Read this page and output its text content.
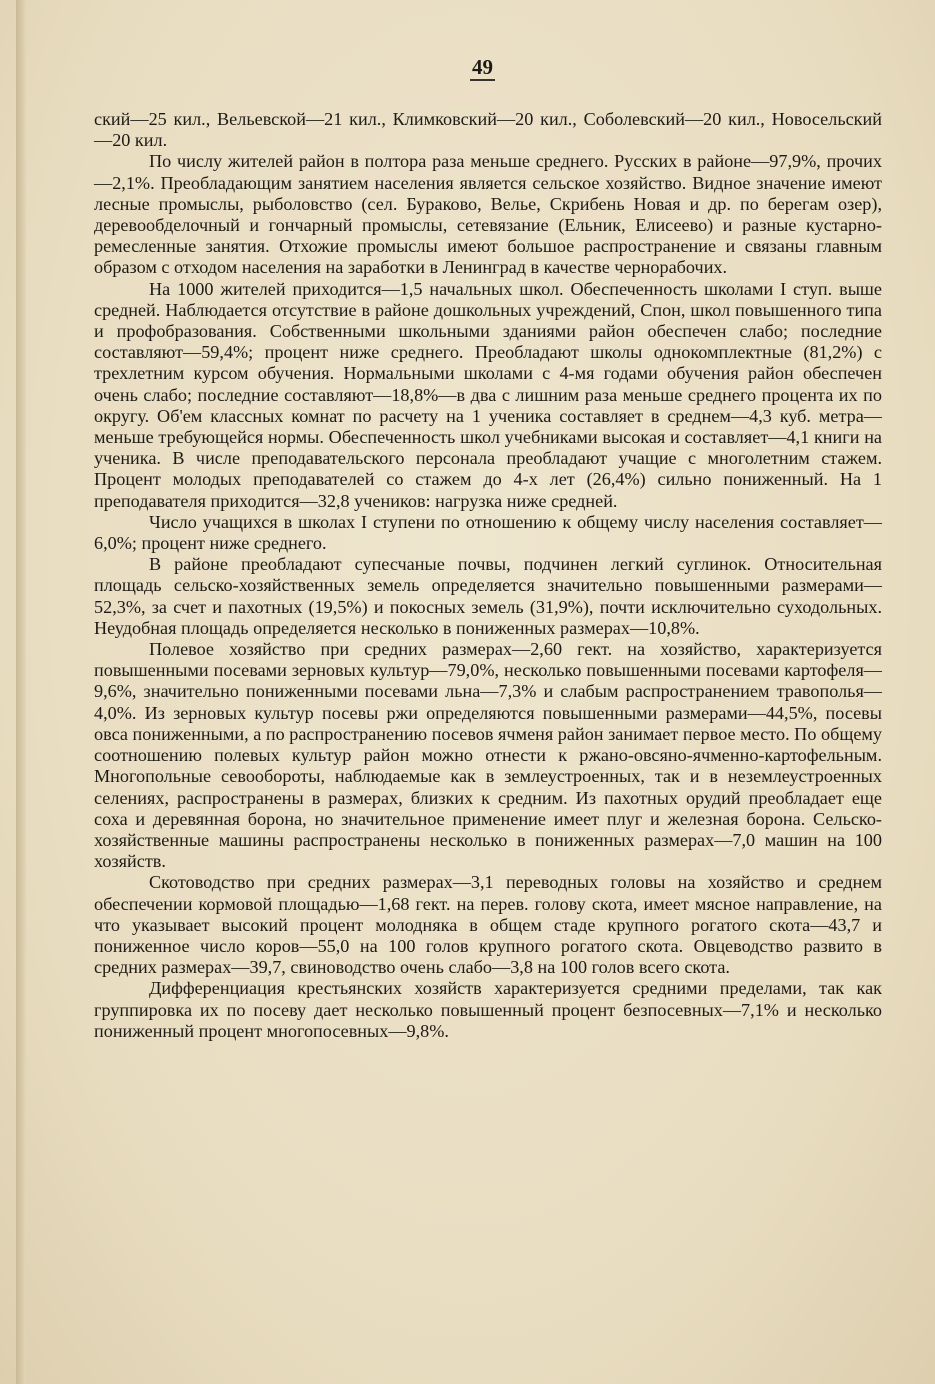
49

ский—25 кил., Вельевской—21 кил., Климковский—20 кил., Соболевский—20 кил., Новосельский—20 кил.

По числу жителей район в полтора раза меньше среднего. Русских в районе—97,9%, прочих—2,1%. Преобладающим занятием населения является сельское хозяйство. Видное значение имеют лесные промыслы, рыболовство (сел. Бураково, Велье, Скрибень Новая и др. по берегам озер), деревообделочный и гончарный промыслы, сетевязание (Ельник, Елисеево) и разные кустарно-ремесленные занятия. Отхожие промыслы имеют большое распространение и связаны главным образом с отходом населения на заработки в Ленинград в качестве чернорабочих.

На 1000 жителей приходится—1,5 начальных школ. Обеспеченность школами I ступ. выше средней. Наблюдается отсутствие в районе дошкольных учреждений, Спон, школ повышенного типа и профобразования. Собственными школьными зданиями район обеспечен слабо; последние составляют—59,4%; процент ниже среднего. Преобладают школы однокомплектные (81,2%) с трехлетним курсом обучения. Нормальными школами с 4-мя годами обучения район обеспечен очень слабо; последние составляют—18,8%—в два с лишним раза меньше среднего процента их по округу. Об'ем классных комнат по расчету на 1 ученика составляет в среднем—4,3 куб. метра—меньше требующейся нормы. Обеспеченность школ учебниками высокая и составляет—4,1 книги на ученика. В числе преподавательского персонала преобладают учащие с многолетним стажем. Процент молодых преподавателей со стажем до 4-х лет (26,4%) сильно пониженный. На 1 преподавателя приходится—32,8 учеников: нагрузка ниже средней.

Число учащихся в школах I ступени по отношению к общему числу населения составляет—6,0%; процент ниже среднего.

В районе преобладают супесчаные почвы, подчинен легкий суглинок. Относительная площадь сельско-хозяйственных земель определяется значительно повышенными размерами—52,3%, за счет и пахотных (19,5%) и покосных земель (31,9%), почти исключительно суходольных. Неудобная площадь определяется несколько в пониженных размерах—10,8%.

Полевое хозяйство при средних размерах—2,60 гект. на хозяйство, характеризуется повышенными посевами зерновых культур—79,0%, несколько повышенными посевами картофеля—9,6%, значительно пониженными посевами льна—7,3% и слабым распространением травополья—4,0%. Из зерновых культур посевы ржи определяются повышенными размерами—44,5%, посевы овса пониженными, а по распространению посевов ячменя район занимает первое место. По общему соотношению полевых культур район можно отнести к ржано-овсяно-ячменно-картофельным. Многопольные севообороты, наблюдаемые как в землеустроенных, так и в неземлеустроенных селениях, распространены в размерах, близких к средним. Из пахотных орудий преобладает еще соха и деревянная борона, но значительное применение имеет плуг и железная борона. Сельско-хозяйственные машины распространены несколько в пониженных размерах—7,0 машин на 100 хозяйств.

Скотоводство при средних размерах—3,1 переводных головы на хозяйство и среднем обеспечении кормовой площадью—1,68 гект. на перев. голову скота, имеет мясное направление, на что указывает высокий процент молодняка в общем стаде крупного рогатого скота—43,7 и пониженное число коров—55,0 на 100 голов крупного рогатого скота. Овцеводство развито в средних размерах—39,7, свиноводство очень слабо—3,8 на 100 голов всего скота.

Дифференциация крестьянских хозяйств характеризуется средними пределами, так как группировка их по посеву дает несколько повышенный процент безпосевных—7,1% и несколько пониженный процент многопосевных—9,8%.
